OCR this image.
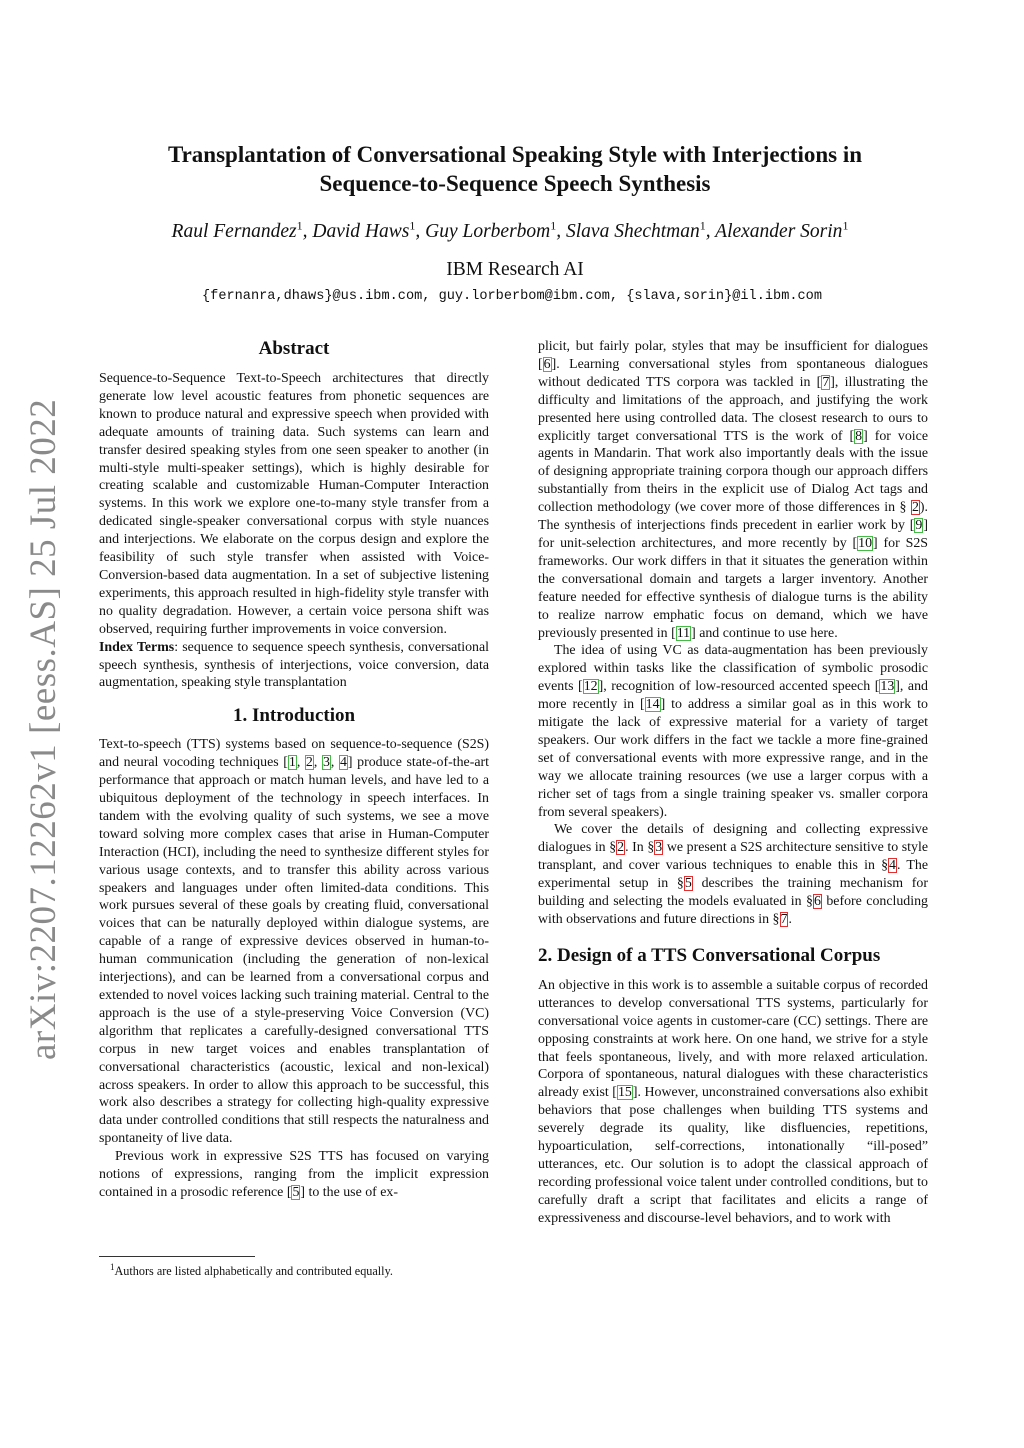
arXiv:2207.12262v1 [eess.AS] 25 Jul 2022
Transplantation of Conversational Speaking Style with Interjections in
Sequence-to-Sequence Speech Synthesis
Raul Fernandez$^1$, David Haws$^1$, Guy Lorberbom$^1$, Slava Shechtman$^1$, Alexander Sorin$^1$
IBM Research AI
{fernanra,dhaws}@us.ibm.com, guy.lorberbom@ibm.com, {slava,sorin}@il.ibm.com
Abstract

Sequence-to-Sequence Text-to-Speech architectures that directly generate low level acoustic features from phonetic sequences are known to produce natural and expressive speech when provided with adequate amounts of training data. Such systems can learn and transfer desired speaking styles from one seen speaker to another (in multi-style multi-speaker settings), which is highly desirable for creating scalable and customizable Human-Computer Interaction systems. In this work we explore one-to-many style transfer from a dedicated single-speaker conversational corpus with style nuances and interjections. We elaborate on the corpus design and explore the feasibility of such style transfer when assisted with Voice-Conversion-based data augmentation. In a set of subjective listening experiments, this approach resulted in high-fidelity style transfer with no quality degradation. However, a certain voice persona shift was observed, requiring further improvements in voice conversion.

Index Terms: sequence to sequence speech synthesis, conversational speech synthesis, synthesis of interjections, voice conversion, data augmentation, speaking style transplantation

1. Introduction

Text-to-speech (TTS) systems based on sequence-to-sequence (S2S) and neural vocoding techniques [1, 2, 3, 4] produce state-of-the-art performance that approach or match human levels, and have led to a ubiquitous deployment of the technology in speech interfaces. In tandem with the evolving quality of such systems, we see a move toward solving more complex cases that arise in Human-Computer Interaction (HCI), including the need to synthesize different styles for various usage contexts, and to transfer this ability across various speakers and languages under often limited-data conditions. This work pursues several of these goals by creating fluid, conversational voices that can be naturally deployed within dialogue systems, are capable of a range of expressive devices observed in human-to-human communication (including the generation of non-lexical interjections), and can be learned from a conversational corpus and extended to novel voices lacking such training material. Central to the approach is the use of a style-preserving Voice Conversion (VC) algorithm that replicates a carefully-designed conversational TTS corpus in new target voices and enables transplantation of conversational characteristics (acoustic, lexical and non-lexical) across speakers. In order to allow this approach to be successful, this work also describes a strategy for collecting high-quality expressive data under controlled conditions that still respects the naturalness and spontaneity of live data.

Previous work in expressive S2S TTS has focused on varying notions of expressions, ranging from the implicit expression contained in a prosodic reference [5] to the use of ex-

$^1$Authors are listed alphabetically and contributed equally.

plicit, but fairly polar, styles that may be insufficient for dialogues [6]. Learning conversational styles from spontaneous dialogues without dedicated TTS corpora was tackled in [7], illustrating the difficulty and limitations of the approach, and justifying the work presented here using controlled data. The closest research to ours to explicitly target conversational TTS is the work of [8] for voice agents in Mandarin. That work also importantly deals with the issue of designing appropriate training corpora though our approach differs substantially from theirs in the explicit use of Dialog Act tags and collection methodology (we cover more of those differences in § 2). The synthesis of interjections finds precedent in earlier work by [9] for unit-selection architectures, and more recently by [10] for S2S frameworks. Our work differs in that it situates the generation within the conversational domain and targets a larger inventory. Another feature needed for effective synthesis of dialogue turns is the ability to realize narrow emphatic focus on demand, which we have previously presented in [11] and continue to use here.

The idea of using VC as data-augmentation has been previously explored within tasks like the classification of symbolic prosodic events [12], recognition of low-resourced accented speech [13], and more recently in [14] to address a similar goal as in this work to mitigate the lack of expressive material for a variety of target speakers. Our work differs in the fact we tackle a more fine-grained set of conversational events with more expressive range, and in the way we allocate training resources (we use a larger corpus with a richer set of tags from a single training speaker vs. smaller corpora from several speakers).

We cover the details of designing and collecting expressive dialogues in §2. In §3 we present a S2S architecture sensitive to style transplant, and cover various techniques to enable this in §4. The experimental setup in §5 describes the training mechanism for building and selecting the models evaluated in §6 before concluding with observations and future directions in §7.

2. Design of a TTS Conversational Corpus

An objective in this work is to assemble a suitable corpus of recorded utterances to develop conversational TTS systems, particularly for conversational voice agents in customer-care (CC) settings. There are opposing constraints at work here. On one hand, we strive for a style that feels spontaneous, lively, and with more relaxed articulation. Corpora of spontaneous, natural dialogues with these characteristics already exist [15]. However, unconstrained conversations also exhibit behaviors that pose challenges when building TTS systems and severely degrade its quality, like disfluencies, repetitions, hypoarticulation, self-corrections, intonationally “ill-posed” utterances, etc. Our solution is to adopt the classical approach of recording professional voice talent under controlled conditions, but to carefully draft a script that facilitates and elicits a range of expressiveness and discourse-level behaviors, and to work with
